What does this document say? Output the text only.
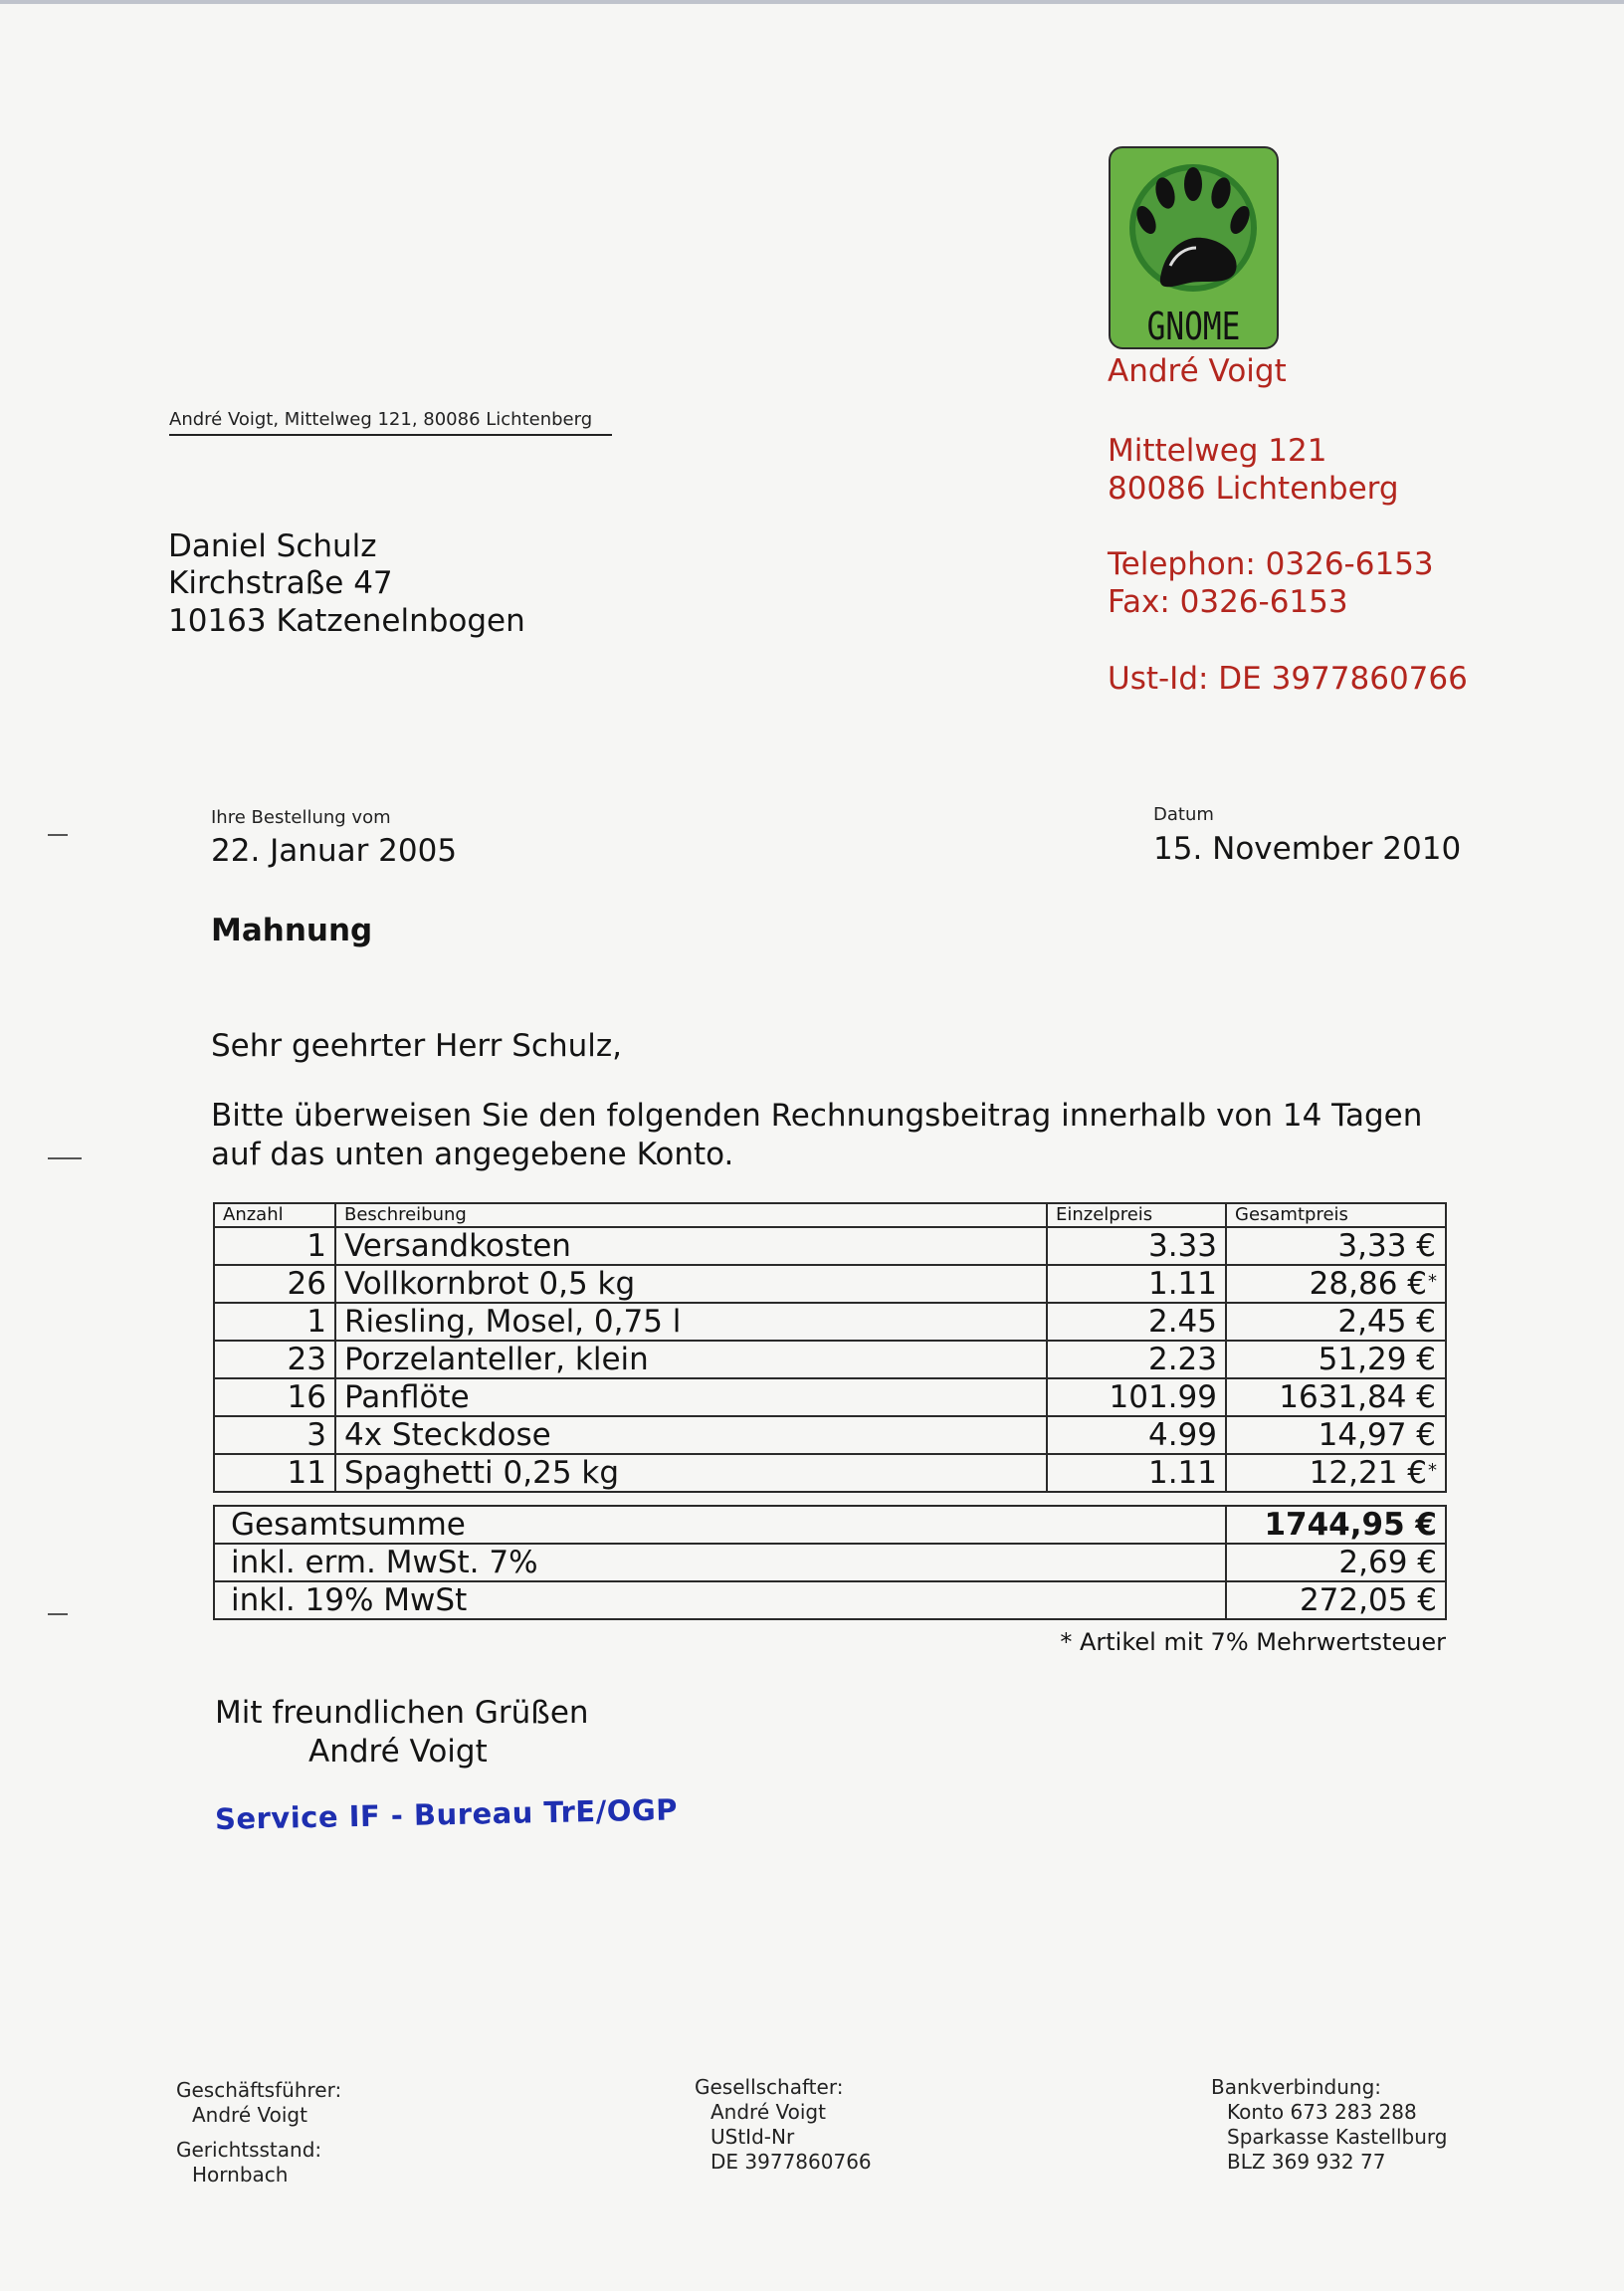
GNOME
André Voigt
Mittelweg 121
80086 Lichtenberg
Telephon: 0326-6153
Fax: 0326-6153
Ust-Id: DE 3977860766
André Voigt, Mittelweg 121, 80086 Lichtenberg
Daniel Schulz
Kirchstraße 47
10163 Katzenelnbogen
Ihre Bestellung vom
22. Januar 2005
Datum
15. November 2010
Mahnung
Sehr geehrter Herr Schulz,
Bitte überweisen Sie den folgenden Rechnungsbeitrag innerhalb von 14 Tagen
auf das unten angegebene Konto.
Anzahl	Beschreibung	Einzelpreis	Gesamtpreis
1	Versandkosten	3.33	3,33 €
26	Vollkornbrot 0,5 kg	1.11	28,86 €*
1	Riesling, Mosel, 0,75 l	2.45	2,45 €
23	Porzelanteller, klein	2.23	51,29 €
16	Panflöte	101.99	1631,84 €
3	4x Steckdose	4.99	14,97 €
11	Spaghetti 0,25 kg	1.11	12,21 €*
Gesamtsumme	1744,95 €
inkl. erm. MwSt. 7%	2,69 €
inkl. 19% MwSt	272,05 €
* Artikel mit 7% Mehrwertsteuer
Mit freundlichen Grüßen
André Voigt
Service IF - Bureau TrE/OGP
Geschäftsführer:
André Voigt
Gerichtsstand:
Hornbach
Gesellschafter:
André Voigt
UStId-Nr
DE 3977860766
Bankverbindung:
Konto 673 283 288
Sparkasse Kastellburg
BLZ 369 932 77
